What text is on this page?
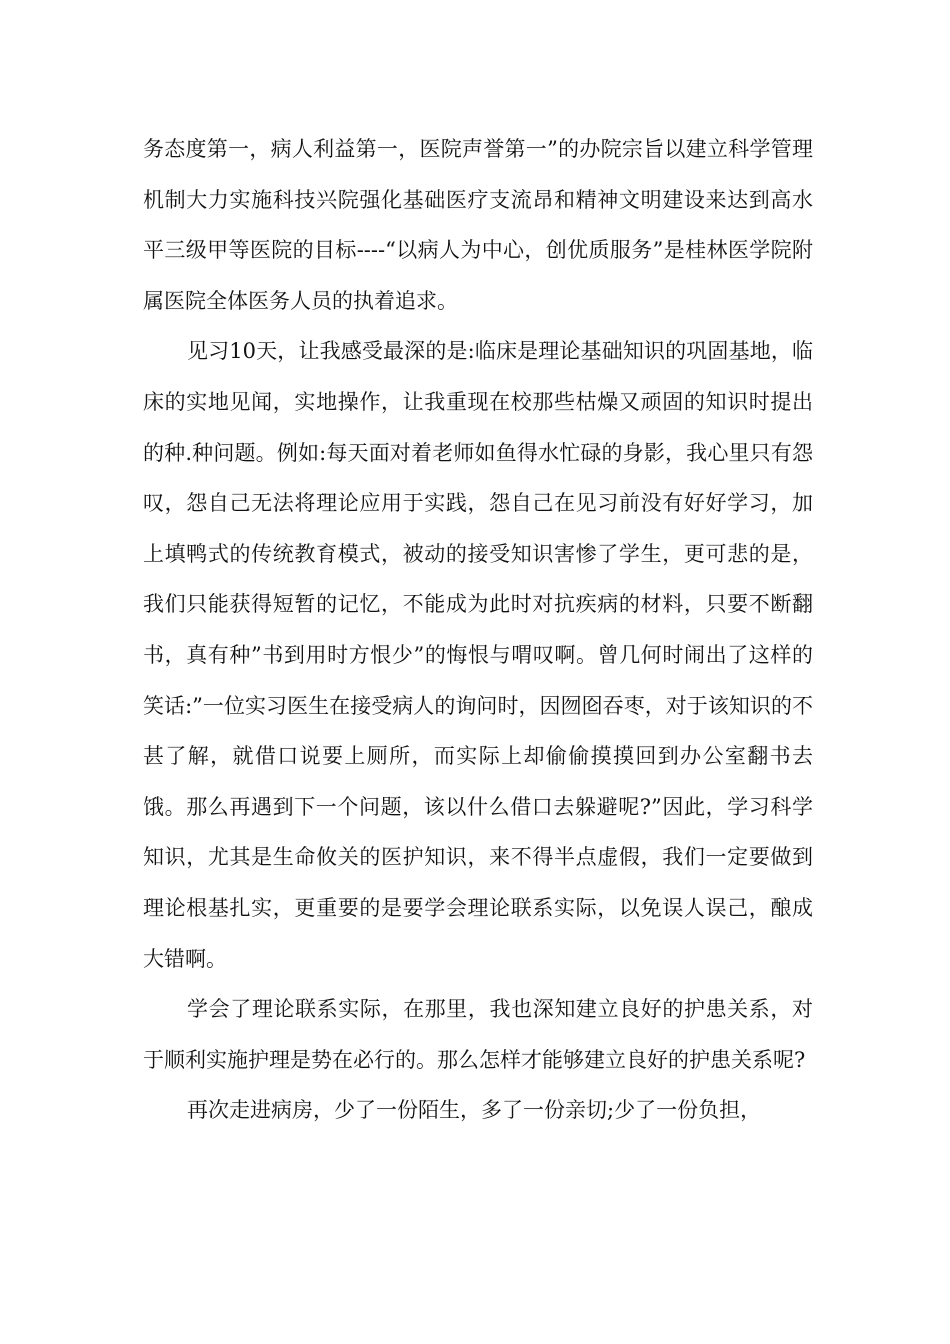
务态度第一，病人利益第一，医院声誉第一”的办院宗旨以建立科学管理机制大力实施科技兴院强化基础医疗支流昂和精神文明建设来达到高水平三级甲等医院的目标----“以病人为中心，创优质服务”是桂林医学院附属医院全体医务人员的执着追求。

见习10天，让我感受最深的是:临床是理论基础知识的巩固基地，临床的实地见闻，实地操作，让我重现在校那些枯燥又顽固的知识时提出的种.种问题。例如:每天面对着老师如鱼得水忙碌的身影，我心里只有怨叹，怨自己无法将理论应用于实践，怨自己在见习前没有好好学习，加上填鸭式的传统教育模式，被动的接受知识害惨了学生，更可悲的是，我们只能获得短暂的记忆，不能成为此时对抗疾病的材料，只要不断翻书，真有种”书到用时方恨少”的悔恨与喟叹啊。曾几何时闹出了这样的笑话:”一位实习医生在接受病人的询问时，因囫囵吞枣，对于该知识的不甚了解，就借口说要上厕所，而实际上却偷偷摸摸回到办公室翻书去饿。那么再遇到下一个问题，该以什么借口去躲避呢?”因此，学习科学知识，尤其是生命攸关的医护知识，来不得半点虚假，我们一定要做到理论根基扎实，更重要的是要学会理论联系实际，以免误人误己，酿成大错啊。

学会了理论联系实际，在那里，我也深知建立良好的护患关系，对于顺利实施护理是势在必行的。那么怎样才能够建立良好的护患关系呢?

再次走进病房，少了一份陌生，多了一份亲切;少了一份负担，
